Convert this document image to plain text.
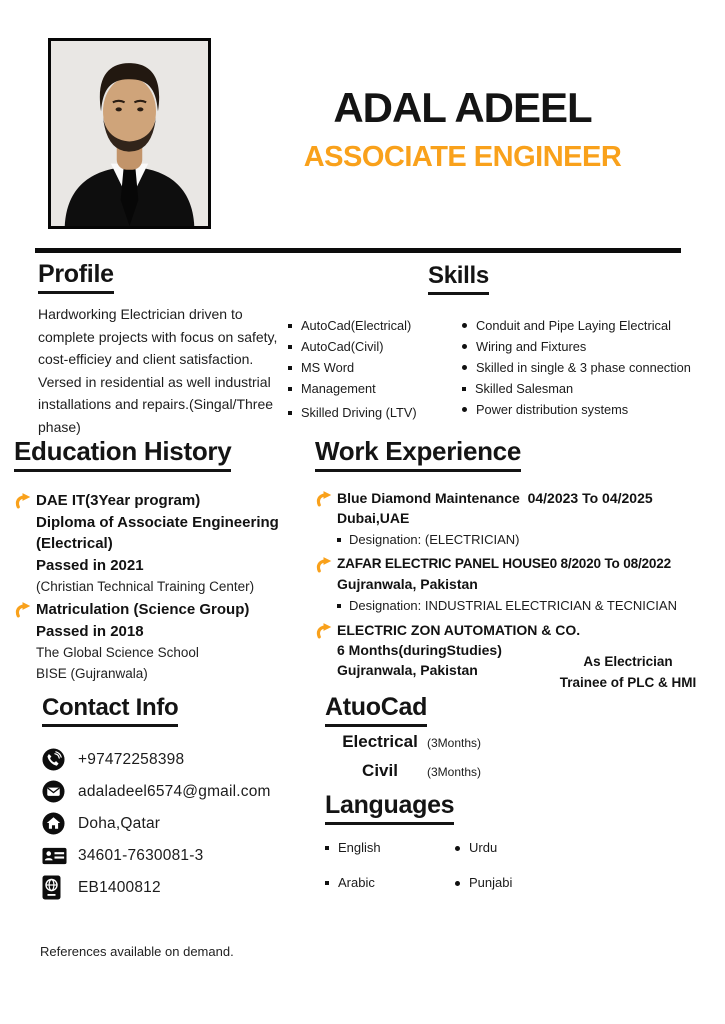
ADAL ADEEL
ASSOCIATE ENGINEER
Profile
Hardworking Electrician driven to complete projects with focus on safety, cost-efficiey and client satisfaction. Versed in residential as well industrial installations and repairs.(Singal/Three phase)
Skills
AutoCad(Electrical)
AutoCad(Civil)
MS Word
Management
Skilled Driving (LTV)
Conduit and Pipe Laying Electrical
Wiring and Fixtures
Skilled in single & 3 phase connection
Skilled Salesman
Power distribution systems
Education History
DAE IT(3Year program)
Diploma of Associate Engineering
(Electrical)
Passed in 2021
(Christian Technical Training Center)
Matriculation (Science Group)
Passed in 2018
The Global Science School
BISE (Gujranwala)
Work Experience
Blue Diamond Maintenance  04/2023 To 04/2025
Dubai,UAE
Designation: (ELECTRICIAN)
ZAFAR ELECTRIC PANEL HOUSE0 8/2020 To 08/2022
Gujranwala, Pakistan
Designation: INDUSTRIAL ELECTRICIAN & TECNICIAN
ELECTRIC ZON AUTOMATION & CO.
6 Months(duringStudies)
Gujranwala, Pakistan
As Electrician
Trainee of PLC & HMI
Contact Info
+97472258398
adaladeel6574@gmail.com
Doha,Qatar
34601-7630081-3
EB1400812
AtuoCad
Electrical (3Months)
Civil	(3Months)
Languages
English
Arabic
Urdu
Punjabi
References available on demand.
